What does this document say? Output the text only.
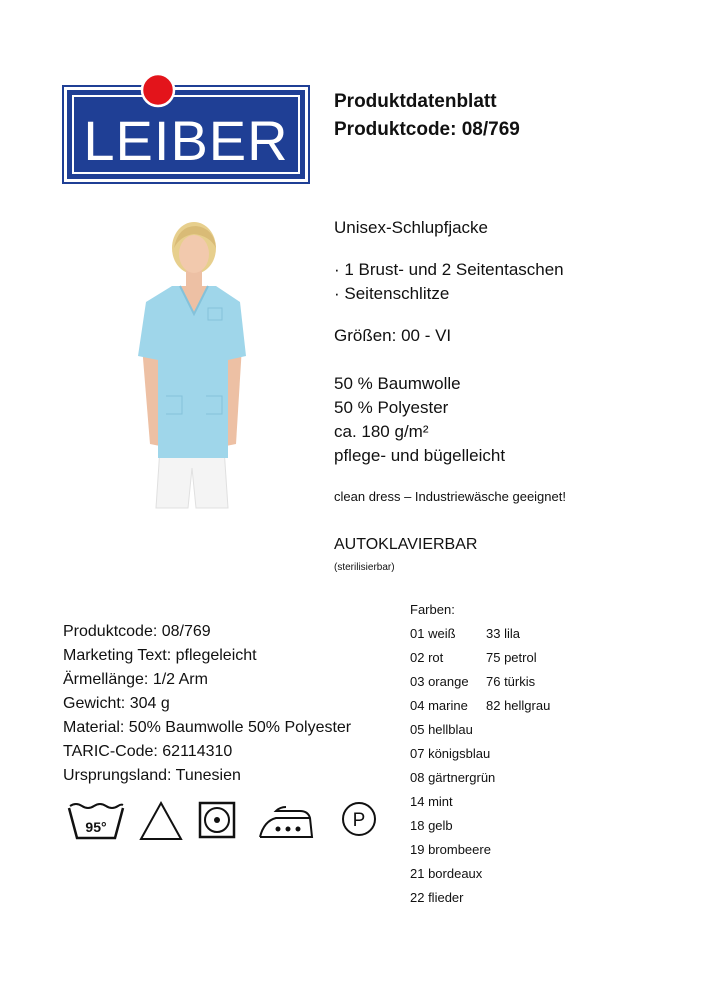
LEIBER
Produktdatenblatt
Produktcode: 08/769
Unisex-Schlupfjacke
· 1 Brust- und 2 Seitentaschen
· Seitenschlitze
Größen: 00 - VI
50 % Baumwolle
50 % Polyester
ca. 180 g/m²
pflege- und bügelleicht
clean dress – Industriewäsche geeignet!
AUTOKLAVIERBAR
(sterilisierbar)
Produktcode: 08/769
Marketing Text: pflegeleicht
Ärmellänge: 1/2 Arm
Gewicht: 304 g
Material: 50% Baumwolle 50% Polyester
TARIC-Code: 62114310
Ursprungsland: Tunesien
Farben:
01 weiß 33 lila
02 rot	75 petrol
03 orange 76 türkis
04 marine 82 hellgrau
05 hellblau
07 königsblau
08 gärtnergrün
14 mint
18 gelb
19 brombeere
21 bordeaux
22 flieder
95°	P
